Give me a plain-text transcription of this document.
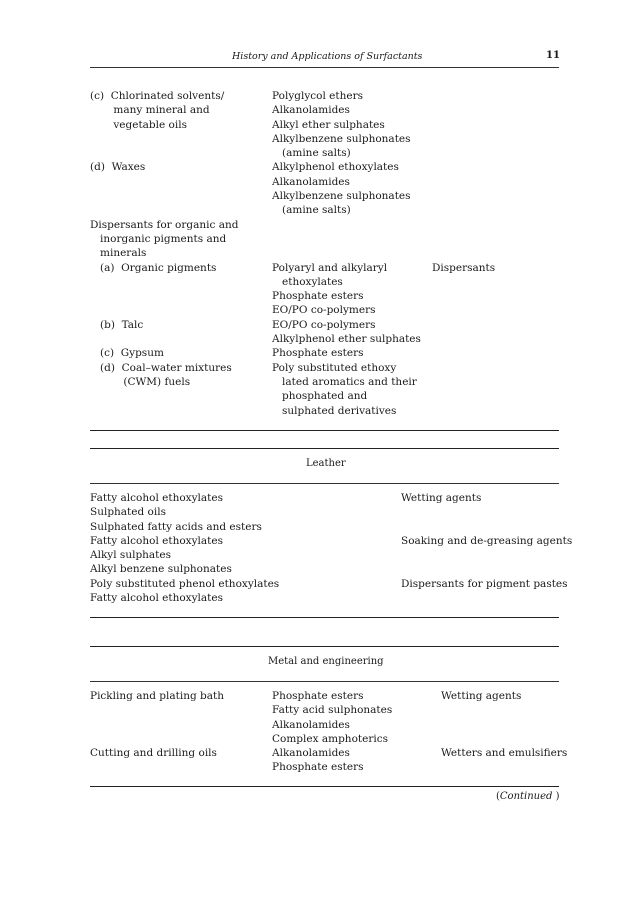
History and Applications of Surfactants	11
(c)  Chlorinated solvents/
many mineral and
vegetable oils
(d)  Waxes
Dispersants for organic and
inorganic pigments and
minerals
(a)  Organic pigments
(b)  Talc
(c)  Gypsum
(d)  Coal–water mixtures
(CWM) fuels
Polyglycol ethers
Alkanolamides
Alkyl ether sulphates
Alkylbenzene sulphonates
(amine salts)
Alkylphenol ethoxylates
Alkanolamides
Alkylbenzene sulphonates
(amine salts)
Polyaryl and alkylaryl
ethoxylates
Phosphate esters
EO/PO co-polymers
EO/PO co-polymers
Alkylphenol ether sulphates
Phosphate esters
Poly substituted ethoxy
lated aromatics and their
phosphated and
sulphated derivatives
Dispersants
Leather
Fatty alcohol ethoxylates
Sulphated oils
Sulphated fatty acids and esters
Fatty alcohol ethoxylates
Alkyl sulphates
Alkyl benzene sulphonates
Poly substituted phenol ethoxylates
Fatty alcohol ethoxylates
Wetting agents
Soaking and de-greasing agents
Dispersants for pigment pastes
Metal and engineering
Pickling and plating bath
Cutting and drilling oils
Phosphate esters
Fatty acid sulphonates
Alkanolamides
Complex amphoterics
Alkanolamides
Phosphate esters
Wetting agents
Wetters and emulsifiers
(Continued )
